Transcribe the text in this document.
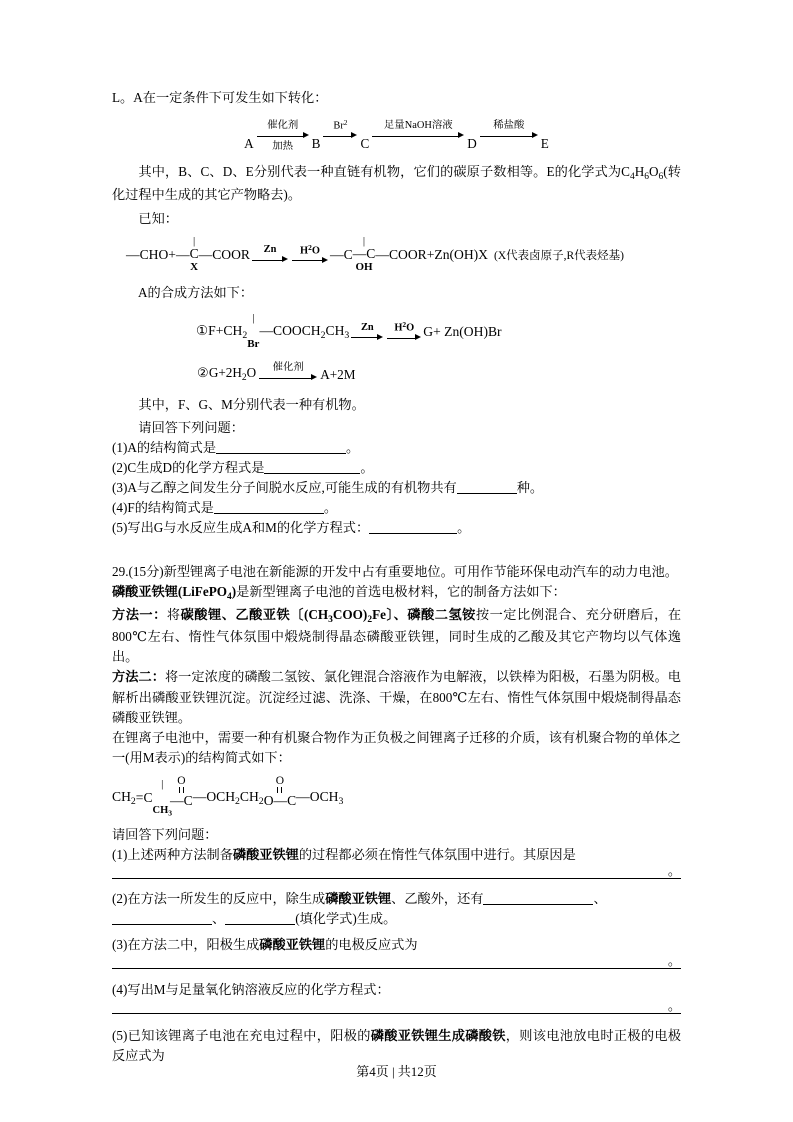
L。A在一定条件下可发生如下转化：
A
催化剂
加热	B
Br$^2$

C
足量NaOH溶液

D
稀盐酸

E
其中，B、C、D、E分别代表一种直链有机物，它们的碳原子数相等。E的化学式为$C_4H_6O_6$(转化过程中生成的其它产物略去)。
已知：
—CHO+—
|
C
X
—COOR	Zn	$H^2O$ —C
|
—C
OH
—COOR+Zn(OH)X (X代表卤原子,R代表烃基)
A的合成方法如下：
$①F+CH_2$
|
Br
$—COOCH_2CH_3$
Zn	$H^2O$ G+ Zn(OH)Br
$②G+2H_2O$	催化剂	A+2M
其中，F、G、M分别代表一种有机物。
请回答下列问题：
(1)A的结构简式是	。
(2)C生成D的化学方程式是	。
(3)A与乙醇之间发生分子间脱水反应,可能生成的有机物共有	种。
(4)F的结构简式是	。
(5)写出G与水反应生成A和M的化学方程式：	。
29.(15分)新型锂离子电池在新能源的开发中占有重要地位。可用作节能环保电动汽车的动力电池。
磷酸亚铁锂(LiFePO$_4$)是新型锂离子电池的首选电极材料，它的制备方法如下：
方法一：将碳酸锂、乙酸亚铁〔$(CH_3COO)_2Fe$〕、磷酸二氢铵按一定比例混合、充分研磨后，在800℃左右、惰性气体氛围中煅烧制得晶态磷酸亚铁锂，同时生成的乙酸及其它产物均以气体逸出。
方法二：将一定浓度的磷酸二氢铵、氯化锂混合溶液作为电解液，以铁棒为阳极，石墨为阴极。电解析出磷酸亚铁锂沉淀。沉淀经过滤、洗涤、干燥，在800℃左右、惰性气体氛围中煅烧制得晶态磷酸亚铁锂。
在锂离子电池中，需要一种有机聚合物作为正负极之间锂离子迁移的介质，该有机聚合物的单体之一(用M表示)的结构简式如下：
$CH_2 =C$
|
$CH_3$
O
—C $—OCH_2CH_2$
O
O—C $—OCH_3$
请回答下列问题：
(1)上述两种方法制备磷酸亚铁锂的过程都必须在惰性气体氛围中进行。其原因是
。
(2)在方法一所发生的反应中，除生成磷酸亚铁锂、乙酸外，还有	、
、	(填化学式)生成。
(3)在方法二中，阳极生成磷酸亚铁锂的电极反应式为
。
(4)写出M与足量氧化钠溶液反应的化学方程式：
。
(5)已知该锂离子电池在充电过程中，阳极的磷酸亚铁锂生成磷酸铁，则该电池放电时正极的电极反应式为
第4页 | 共12页
